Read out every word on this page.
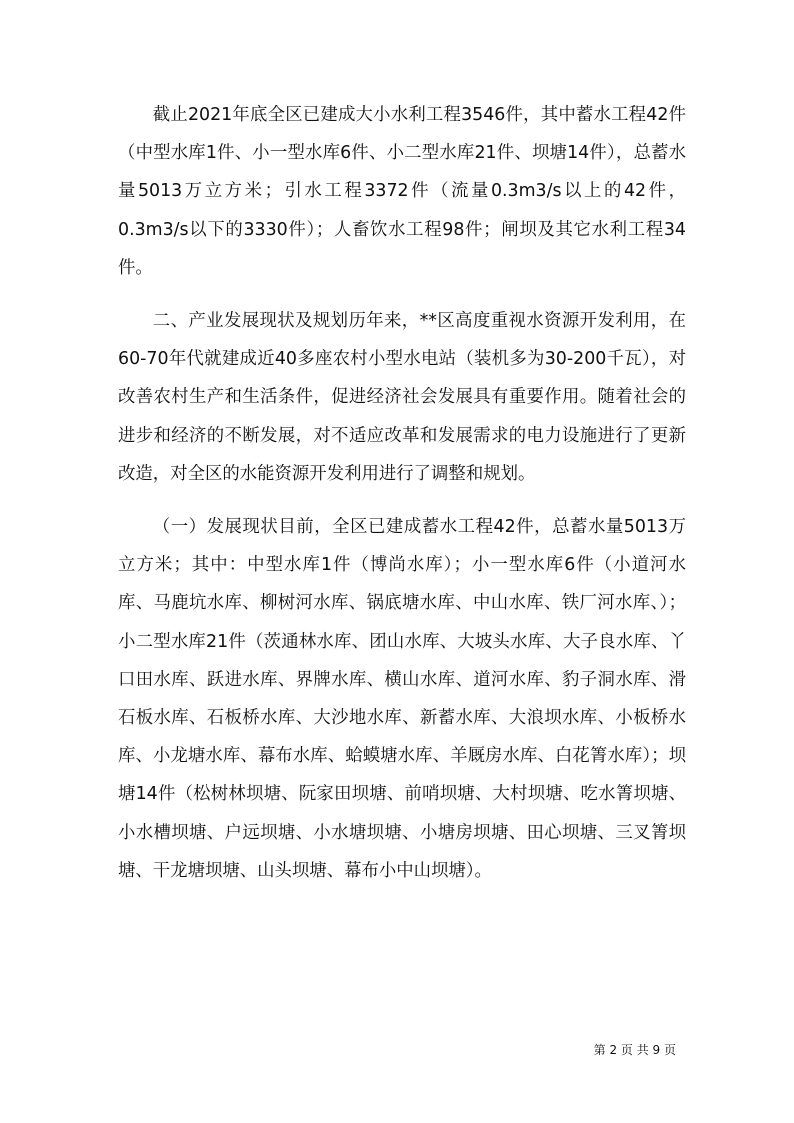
截止2021年底全区已建成大小水利工程3546件，其中蓄水工程42件（中型水库1件、小一型水库6件、小二型水库21件、坝塘14件），总蓄水量5013万立方米；引水工程3372件（流量0.3m3/s以上的42件，0.3m3/s以下的3330件）；人畜饮水工程98件；闸坝及其它水利工程34件。

二、产业发展现状及规划历年来，**区高度重视水资源开发利用，在60-70年代就建成近40多座农村小型水电站（装机多为30-200千瓦），对改善农村生产和生活条件，促进经济社会发展具有重要作用。随着社会的进步和经济的不断发展，对不适应改革和发展需求的电力设施进行了更新改造，对全区的水能资源开发利用进行了调整和规划。

（一）发展现状目前，全区已建成蓄水工程42件，总蓄水量5013万立方米；其中：中型水库1件（博尚水库）；小一型水库6件（小道河水库、马鹿坑水库、柳树河水库、锅底塘水库、中山水库、铁厂河水库、）；小二型水库21件（茨通林水库、团山水库、大坡头水库、大子良水库、丫口田水库、跃进水库、界牌水库、横山水库、道河水库、豹子洞水库、滑石板水库、石板桥水库、大沙地水库、新蓄水库、大浪坝水库、小板桥水库、小龙塘水库、幕布水库、蛤蟆塘水库、羊厩房水库、白花箐水库）；坝塘14件（松树林坝塘、阮家田坝塘、前哨坝塘、大村坝塘、吃水箐坝塘、小水槽坝塘、户远坝塘、小水塘坝塘、小塘房坝塘、田心坝塘、三叉箐坝塘、干龙塘坝塘、山头坝塘、幕布小中山坝塘）。

第 2 页 共 9 页
